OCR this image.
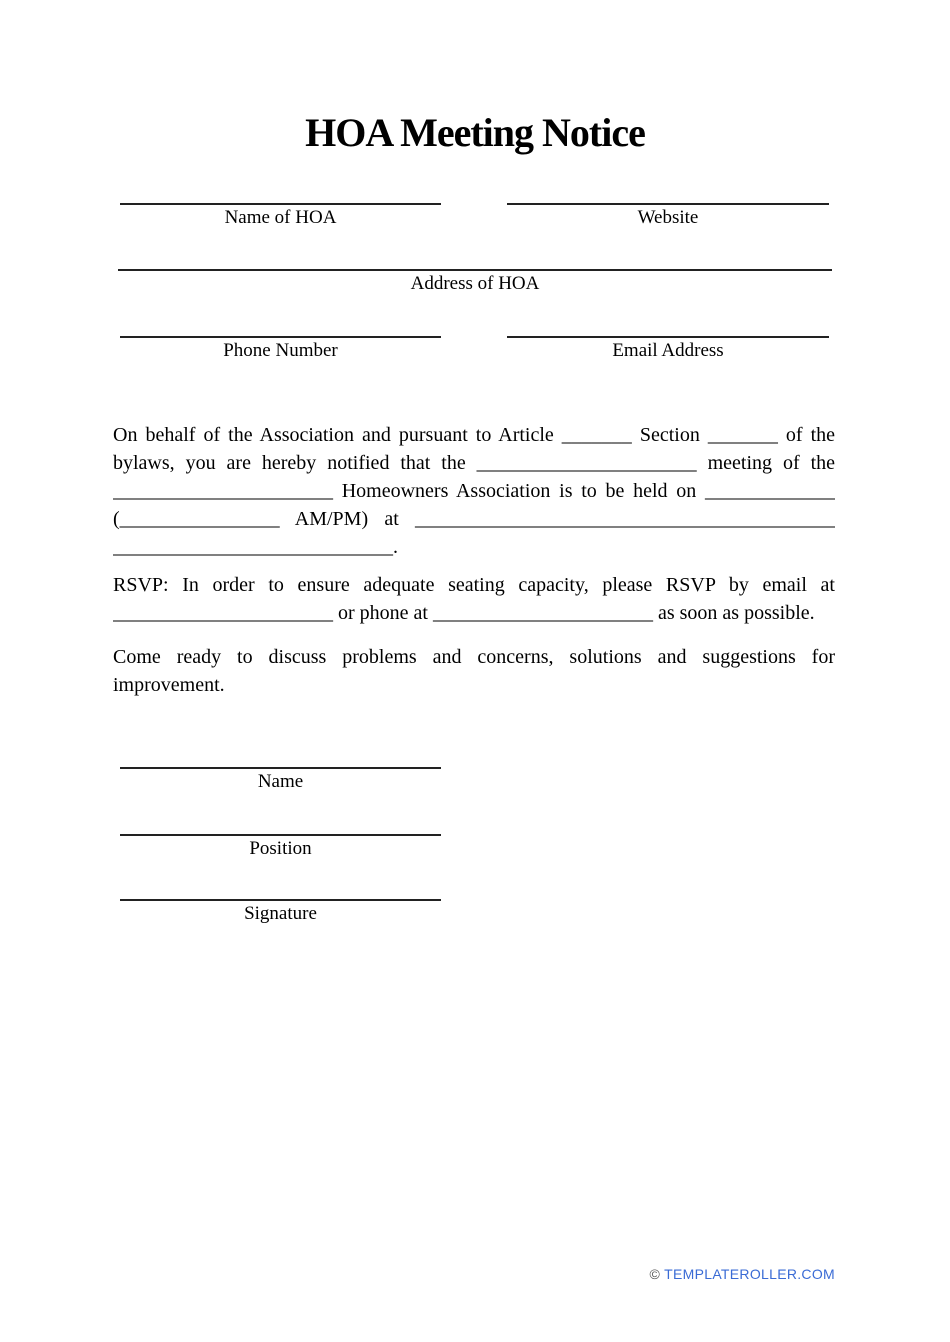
HOA Meeting Notice
Name of HOA	Website
Address of HOA
Phone Number	Email Address
On behalf of the Association and pursuant to Article _______ Section _______ of the
bylaws, you are hereby notified that the ______________________ meeting of the
______________________ Homeowners Association is to be held on _____________
(________________ AM/PM) at __________________________________________
____________________________.
RSVP: In order to ensure adequate seating capacity, please RSVP by email at
______________________ or phone at ______________________ as soon as possible.
Come ready to discuss problems and concerns, solutions and suggestions for
improvement.
Name
Position
Signature
© TEMPLATEROLLER.COM
